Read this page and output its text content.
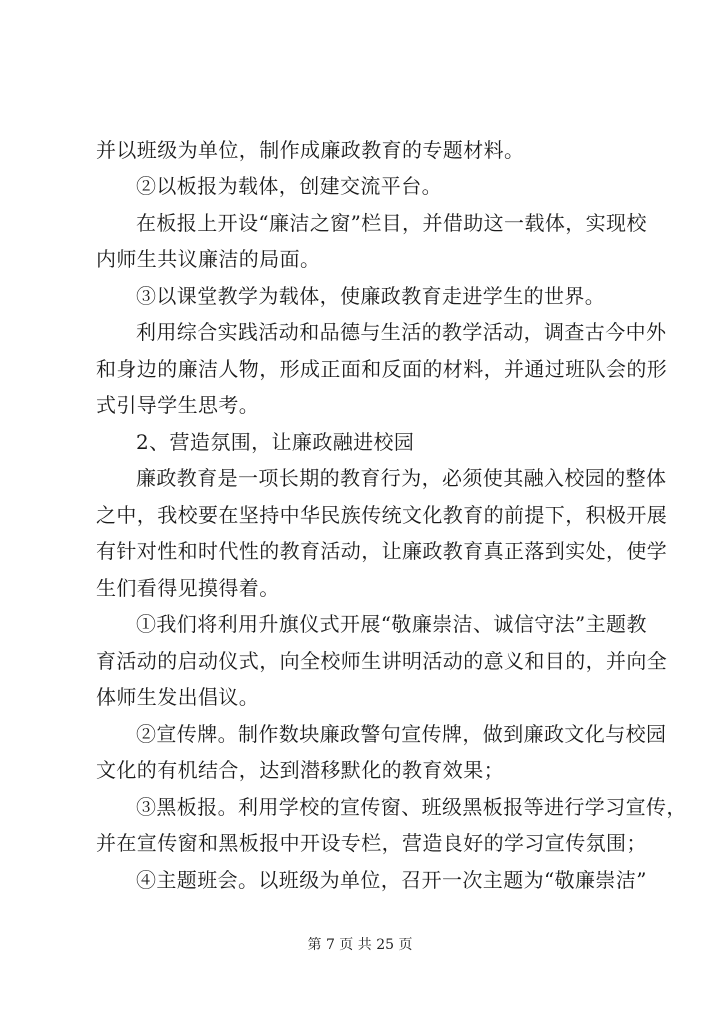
并以班级为单位，制作成廉政教育的专题材料。
②以板报为载体，创建交流平台。
在板报上开设“廉洁之窗”栏目，并借助这一载体，实现校
内师生共议廉洁的局面。
③以课堂教学为载体，使廉政教育走进学生的世界。
利用综合实践活动和品德与生活的教学活动，调查古今中外
和身边的廉洁人物，形成正面和反面的材料，并通过班队会的形
式引导学生思考。
2、营造氛围，让廉政融进校园
廉政教育是一项长期的教育行为，必须使其融入校园的整体
之中，我校要在坚持中华民族传统文化教育的前提下，积极开展
有针对性和时代性的教育活动，让廉政教育真正落到实处，使学
生们看得见摸得着。
①我们将利用升旗仪式开展“敬廉崇洁、诚信守法”主题教
育活动的启动仪式，向全校师生讲明活动的意义和目的，并向全
体师生发出倡议。
②宣传牌。制作数块廉政警句宣传牌，做到廉政文化与校园
文化的有机结合，达到潜移默化的教育效果；
③黑板报。利用学校的宣传窗、班级黑板报等进行学习宣传，
并在宣传窗和黑板报中开设专栏，营造良好的学习宣传氛围；
④主题班会。以班级为单位，召开一次主题为“敬廉崇洁”
第 7 页 共 25 页
